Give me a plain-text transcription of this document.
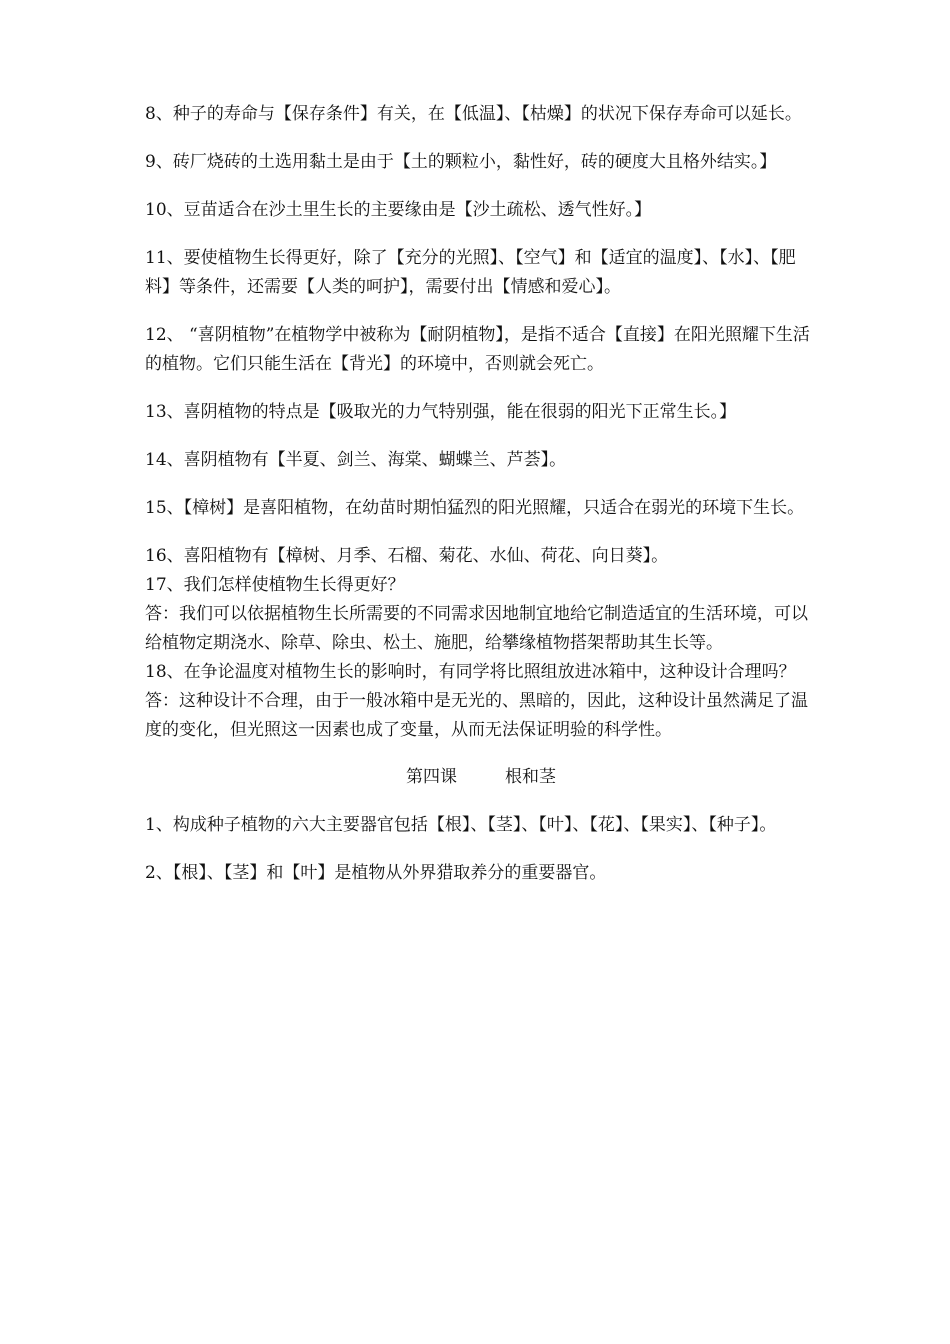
8、种子的寿命与【保存条件】有关，在【低温】、【枯燥】的状况下保存寿命可以延长。

9、砖厂烧砖的土选用黏土是由于【土的颗粒小，黏性好，砖的硬度大且格外结实。】

10、豆苗适合在沙土里生长的主要缘由是【沙土疏松、透气性好。】

11、要使植物生长得更好，除了【充分的光照】、【空气】和【适宜的温度】、【水】、【肥料】等条件，还需要【人类的呵护】，需要付出【情感和爱心】。

12、 “喜阴植物”在植物学中被称为【耐阴植物】，是指不适合【直接】在阳光照耀下生活的植物。它们只能生活在【背光】的环境中，否则就会死亡。

13、喜阴植物的特点是【吸取光的力气特别强，能在很弱的阳光下正常生长。】

14、喜阴植物有【半夏、剑兰、海棠、蝴蝶兰、芦荟】。

15、【樟树】是喜阳植物，在幼苗时期怕猛烈的阳光照耀，只适合在弱光的环境下生长。

16、喜阳植物有【樟树、月季、石榴、菊花、水仙、荷花、向日葵】。

17、我们怎样使植物生长得更好？

答：我们可以依据植物生长所需要的不同需求因地制宜地给它制造适宜的生活环境，可以给植物定期浇水、除草、除虫、松土、施肥，给攀缘植物搭架帮助其生长等。

18、在争论温度对植物生长的影响时，有同学将比照组放进冰箱中，这种设计合理吗？

答：这种设计不合理，由于一般冰箱中是无光的、黑暗的，因此，这种设计虽然满足了温度的变化，但光照这一因素也成了变量，从而无法保证明验的科学性。

第四课	根和茎

1、构成种子植物的六大主要器官包括【根】、【茎】、【叶】、【花】、【果实】、【种子】。

2、【根】、【茎】和【叶】是植物从外界猎取养分的重要器官。
